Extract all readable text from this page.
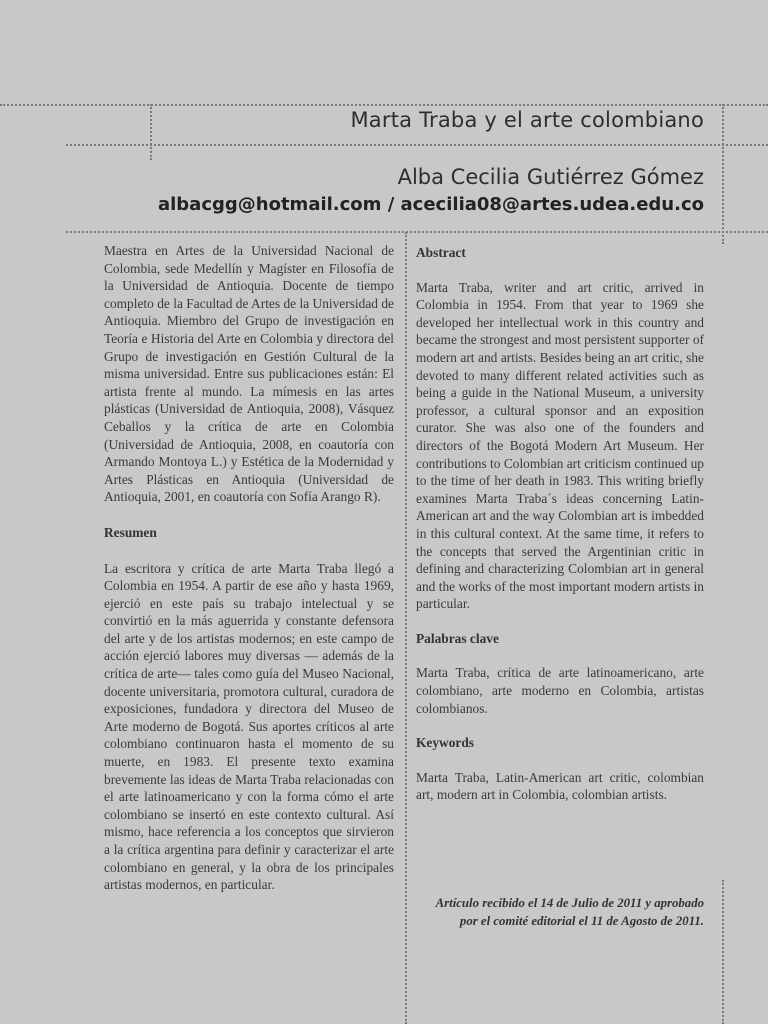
Marta Traba y el arte colombiano
Alba Cecilia Gutiérrez Gómez
albacgg@hotmail.com / acecilia08@artes.udea.edu.co

Maestra en Artes de la Universidad Nacional de Colombia, sede Medellín y Magíster en Filosofía de la Universidad de Antioquia. Docente de tiempo completo de la Facultad de Artes de la Universidad de Antioquia. Miembro del Grupo de investigación en Teoría e Historia del Arte en Colombia y directora del Grupo de investigación en Gestión Cultural de la misma universidad. Entre sus publicaciones están: El artista frente al mundo. La mímesis en las artes plásticas (Universidad de Antioquia, 2008), Vásquez Ceballos y la crítica de arte en Colombia (Universidad de Antioquia, 2008, en coautoría con Armando Montoya L.) y Estética de la Modernidad y Artes Plásticas en Antioquia (Universidad de Antioquia, 2001, en coautoría con Sofía Arango R).

Resumen

La escritora y crítica de arte Marta Traba llegó a Colombia en 1954. A partir de ese año y hasta 1969, ejerció en este país su trabajo intelectual y se convirtió en la más aguerrida y constante defensora del arte y de los artistas modernos; en este campo de acción ejerció labores muy diversas — además de la crítica de arte— tales como guía del Museo Nacional, docente universitaria, promotora cultural, curadora de exposiciones, fundadora y directora del Museo de Arte moderno de Bogotá. Sus aportes críticos al arte colombiano continuaron hasta el momento de su muerte, en 1983. El presente texto examina brevemente las ideas de Marta Traba relacionadas con el arte latinoamericano y con la forma cómo el arte colombiano se insertó en este contexto cultural. Así mismo, hace referencia a los conceptos que sirvieron a la crítica argentina para definir y caracterizar el arte colombiano en general, y la obra de los principales artistas modernos, en particular.

Abstract

Marta Traba, writer and art critic, arrived in Colombia in 1954. From that year to 1969 she developed her intellectual work in this country and became the strongest and most persistent supporter of modern art and artists. Besides being an art critic, she devoted to many different related activities such as being a guide in the National Museum, a university professor, a cultural sponsor and an exposition curator. She was also one of the founders and directors of the Bogotá Modern Art Museum. Her contributions to Colombian art criticism continued up to the time of her death in 1983. This writing briefly examines Marta Traba´s ideas concerning Latin-American art and the way Colombian art is imbedded in this cultural context. At the same time, it refers to the concepts that served the Argentinian critic in defining and characterizing Colombian art in general and the works of the most important modern artists in particular.

Palabras clave

Marta Traba, crítica de arte latinoamericano, arte colombiano, arte moderno en Colombia, artistas colombianos.

Keywords

Marta Traba, Latin-American art critic, colombian art, modern art in Colombia, colombian artists.

Artículo recibido el 14 de Julio de 2011 y aprobado por el comité editorial el 11 de Agosto de 2011.
